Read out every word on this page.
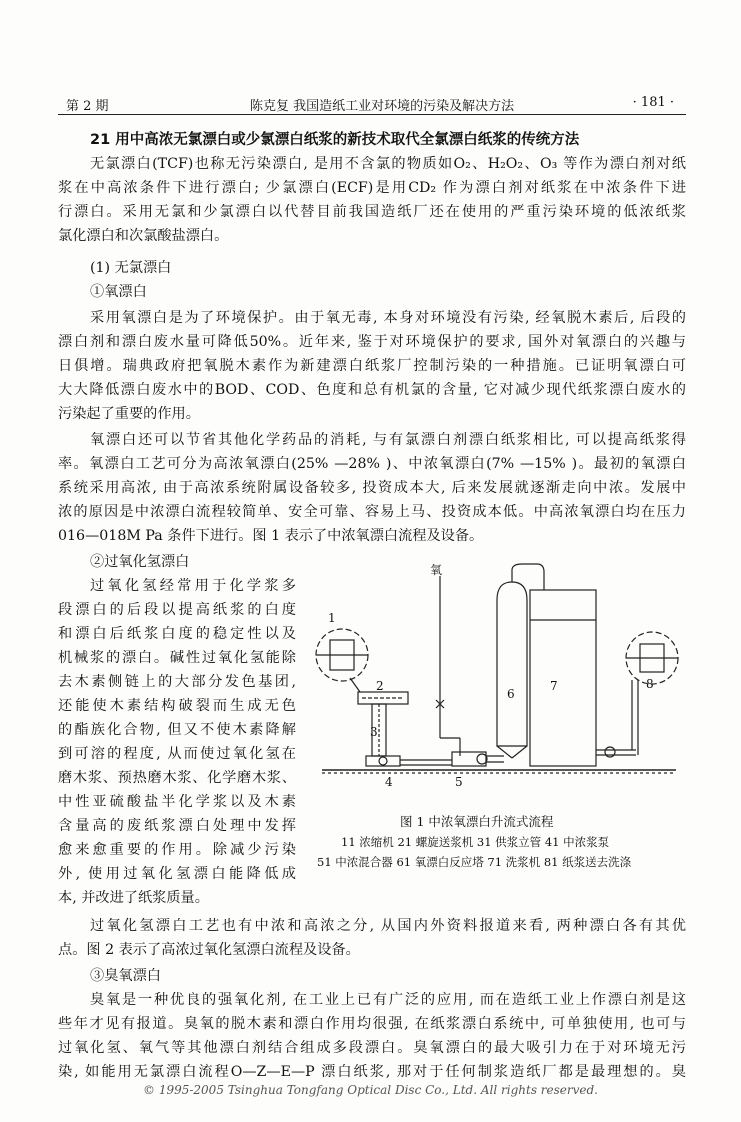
第 2 期	陈克复 我国造纸工业对环境的污染及解决方法	· 181 ·
21 用中高浓无氯漂白或少氯漂白纸浆的新技术取代全氯漂白纸浆的传统方法
无氯漂白(TCF)也称无污染漂白, 是用不含氯的物质如O₂、H₂O₂、O₃ 等作为漂白剂对纸
浆在中高浓条件下进行漂白; 少氯漂白(ECF)是用CD₂ 作为漂白剂对纸浆在中浓条件下进
行漂白。采用无氯和少氯漂白以代替目前我国造纸厂还在使用的严重污染环境的低浓纸浆
氯化漂白和次氯酸盐漂白。
(1) 无氯漂白
①氧漂白
采用氧漂白是为了环境保护。由于氧无毒, 本身对环境没有污染, 经氧脱木素后, 后段的
漂白剂和漂白废水量可降低50%。近年来, 鉴于对环境保护的要求, 国外对氧漂白的兴趣与
日俱增。瑞典政府把氧脱木素作为新建漂白纸浆厂控制污染的一种措施。已证明氧漂白可
大大降低漂白废水中的BOD、COD、色度和总有机氯的含量, 它对减少现代纸浆漂白废水的
污染起了重要的作用。
氧漂白还可以节省其他化学药品的消耗, 与有氯漂白剂漂白纸浆相比, 可以提高纸浆得
率。氧漂白工艺可分为高浓氧漂白(25% —28% )、中浓氧漂白(7% —15% )。最初的氧漂白
系统采用高浓, 由于高浓系统附属设备较多, 投资成本大, 后来发展就逐渐走向中浓。发展中
浓的原因是中浓漂白流程较简单、安全可靠、容易上马、投资成本低。中高浓氧漂白均在压力
016—018M Pa 条件下进行。图 1 表示了中浓氧漂白流程及设备。
②过氧化氢漂白
过氧化氢经常用于化学浆多
段漂白的后段以提高纸浆的白度
和漂白后纸浆白度的稳定性以及
机械浆的漂白。碱性过氧化氢能除
去木素侧链上的大部分发色基团,
还能使木素结构破裂而生成无色
的酯族化合物, 但又不使木素降解
到可溶的程度, 从而使过氧化氢在
磨木浆、预热磨木浆、化学磨木浆、
中性亚硫酸盐半化学浆以及木素
含量高的废纸浆漂白处理中发挥
愈来愈重要的作用。除减少污染
外, 使用过氧化氢漂白能降低成
本, 并改进了纸浆质量。
氧
1
2
3
4	5
6
7	8
图 1 中浓氧漂白升流式流程
11 浓缩机 21 螺旋送浆机 31 供浆立管 41 中浓浆泵
51 中浓混合器 61 氧漂白反应塔 71 洗浆机 81 纸浆送去洗涤
过氧化氢漂白工艺也有中浓和高浓之分, 从国内外资料报道来看, 两种漂白各有其优
点。图 2 表示了高浓过氧化氢漂白流程及设备。
③臭氧漂白
臭氧是一种优良的强氧化剂, 在工业上已有广泛的应用, 而在造纸工业上作漂白剂是这
些年才见有报道。臭氧的脱木素和漂白作用均很强, 在纸浆漂白系统中, 可单独使用, 也可与
过氧化氢、氧气等其他漂白剂结合组成多段漂白。臭氧漂白的最大吸引力在于对环境无污
染, 如能用无氯漂白流程O—Z—E—P 漂白纸浆, 那对于任何制浆造纸厂都是最理想的。臭
© 1995-2005 Tsinghua Tongfang Optical Disc Co., Ltd. All rights reserved.
